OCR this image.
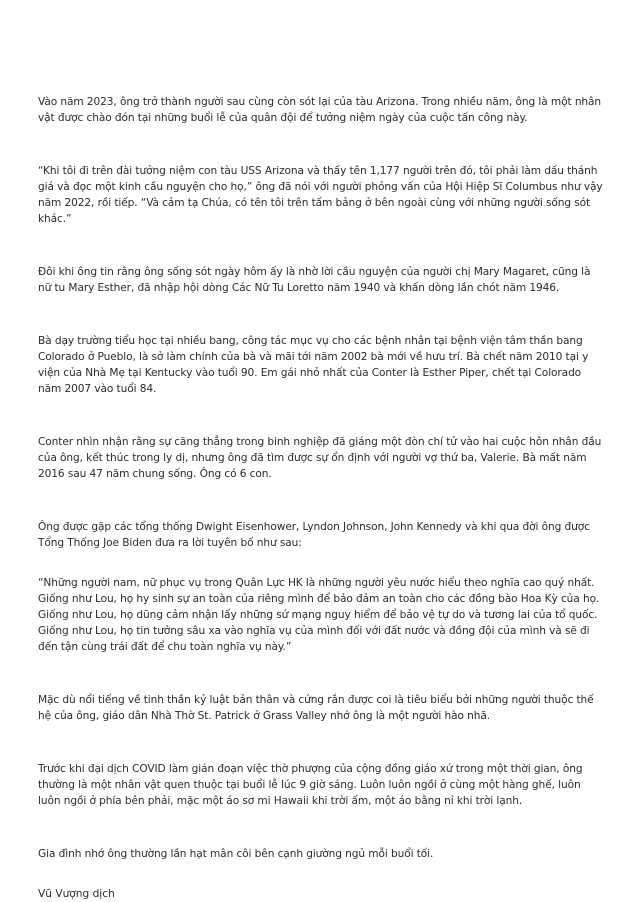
Vào năm 2023, ông trở thành người sau cùng còn sót lại của tàu Arizona. Trong nhiều năm, ông là một nhân vật được chào đón tại những buổi lễ của quân đội để tưởng niệm ngày của cuộc tấn công này.

“Khi tôi đi trên đài tưởng niệm con tàu USS Arizona và thấy tên 1,177 người trên đó, tôi phải làm dấu thánh giá và đọc một kinh cầu nguyện cho họ,” ông đã nói với người phỏng vấn của Hội Hiệp Sĩ Columbus như vậy năm 2022, rồi tiếp. “Và cảm tạ Chúa, có tên tôi trên tấm bảng ở bên ngoài cùng với những người sống sót khác.”

Đôi khi ông tin rằng ông sống sót ngày hôm ấy là nhờ lời cầu nguyện của người chị Mary Magaret, cũng là nữ tu Mary Esther, đã nhập hội dòng Các Nữ Tu Loretto năm 1940 và khấn dòng lần chót năm 1946.

Bà dạy trường tiểu học tại nhiều bang, công tác mục vụ cho các bệnh nhân tại bệnh viện tâm thần bang Colorado ở Pueblo, là sở làm chính của bà và mãi tới năm 2002 bà mới về hưu trí. Bà chết năm 2010 tại y viện của Nhà Mẹ tại Kentucky vào tuổi 90. Em gái nhỏ nhất của Conter là Esther Piper, chết tại Colorado năm 2007 vào tuổi 84.

Conter nhìn nhận rằng sự căng thẳng trong binh nghiệp đã giáng một đòn chí tử vào hai cuộc hôn nhân đầu của ông, kết thúc trong ly dị, nhưng ông đã tìm được sự ổn định với người vợ thứ ba, Valerie. Bà mất năm 2016 sau 47 năm chung sống. Ông có 6 con.

Ông được gặp các tổng thống Dwight Eisenhower, Lyndon Johnson, John Kennedy và khi qua đời ông được Tổng Thống Joe Biden đưa ra lời tuyên bố như sau:

“Những người nam, nữ phục vụ trong Quân Lực HK là những người yêu nước hiểu theo nghĩa cao quý nhất. Giống như Lou, họ hy sinh sự an toàn của riêng mình để bảo đảm an toàn cho các đồng bào Hoa Kỳ của họ. Giống như Lou, họ dũng cảm nhận lấy những sứ mạng nguy hiểm để bảo vệ tự do và tương lai của tổ quốc. Giống như Lou, họ tin tưởng sâu xa vào nghĩa vụ của mình đối với đất nước và đồng đội của mình và sẽ đi đến tận cùng trái đất để chu toàn nghĩa vụ này.”

Mặc dù nổi tiếng về tinh thần kỷ luật bản thân và cứng rắn được coi là tiêu biểu bởi những người thuộc thế hệ của ông, giáo dân Nhà Thờ St. Patrick ở Grass Valley nhớ ông là một người hào nhã.

Trước khi đại dịch COVID làm gián đoạn việc thờ phượng của cộng đồng giáo xứ trong một thời gian, ông thường là một nhân vật quen thuộc tại buổi lễ lúc 9 giờ sáng. Luôn luôn ngồi ở cùng một hàng ghế, luôn luôn ngồi ở phía bên phải, mặc một áo sơ mi Hawaii khi trời ấm, một áo bằng nỉ khi trời lạnh.

Gia đình nhớ ông thường lần hạt mân côi bên cạnh giường ngủ mỗi buổi tối.

Vũ Vượng dịch
